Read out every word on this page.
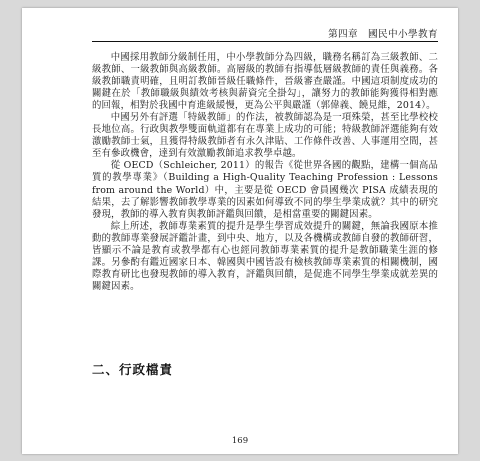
第四章　國民中小學教育

中國採用教師分級制任用，中小學教師分為四級，職務名稱訂為三級教師、二級教師、一級教師與高級教師。高層級的教師有指導低層級教師的責任與義務。各級教師職責明確，且明訂教師晉級任職條件，晉級審查嚴謹。中國這項制度成功的關鍵在於「教師職級與績效考核與薪資完全掛勾」，讓努力的教師能夠獲得相對應的回報，相對於我國中育進級緩慢，更為公平與嚴謹（郭偉義、饒見維，2014）。

中國另外有評選「特級教師」的作法，被教師認為是一項殊榮，甚至比學校校長地位高。行政與教學雙面軌道都有在專業上成功的可能；特級教師評選能夠有效激勵教師士氣，且獲得特級教師者有永久津貼、工作條件改善、人事運用空間，甚至有參政機會，達到有效激勵教師追求教學卓越。

從 OECD（Schleicher, 2011）的報告《從世界各國的觀點，建構一個高品質的教學專業》（Building a High-Quality Teaching Profession : Lessons from around the World）中，主要是從 OECD 會員國幾次 PISA 成績表現的結果，去了解影響教師教學專業的因素如何導致不同的學生學業成就？其中的研究發現，教師的導入教育與教師評鑑與回饋，是相當重要的關鍵因素。

綜上所述，教師專業素質的提升是學生學習成效提升的關鍵，無論我國原本推動的教師專業發展評鑑計畫，到中央、地方，以及各機構或教師自發的教師研習，皆顯示不論是教育或教學都有心也經同教師專業素質的提升是教師職業生涯的修課。另參酌有鑑近國家日本、韓國與中國皆設有檢核教師專業素質的相關機制，國際教育研比也發現教師的導入教育，評鑑與回饋，是促進不同學生學業成就差異的關鍵因素。

二、行政檔責
169
